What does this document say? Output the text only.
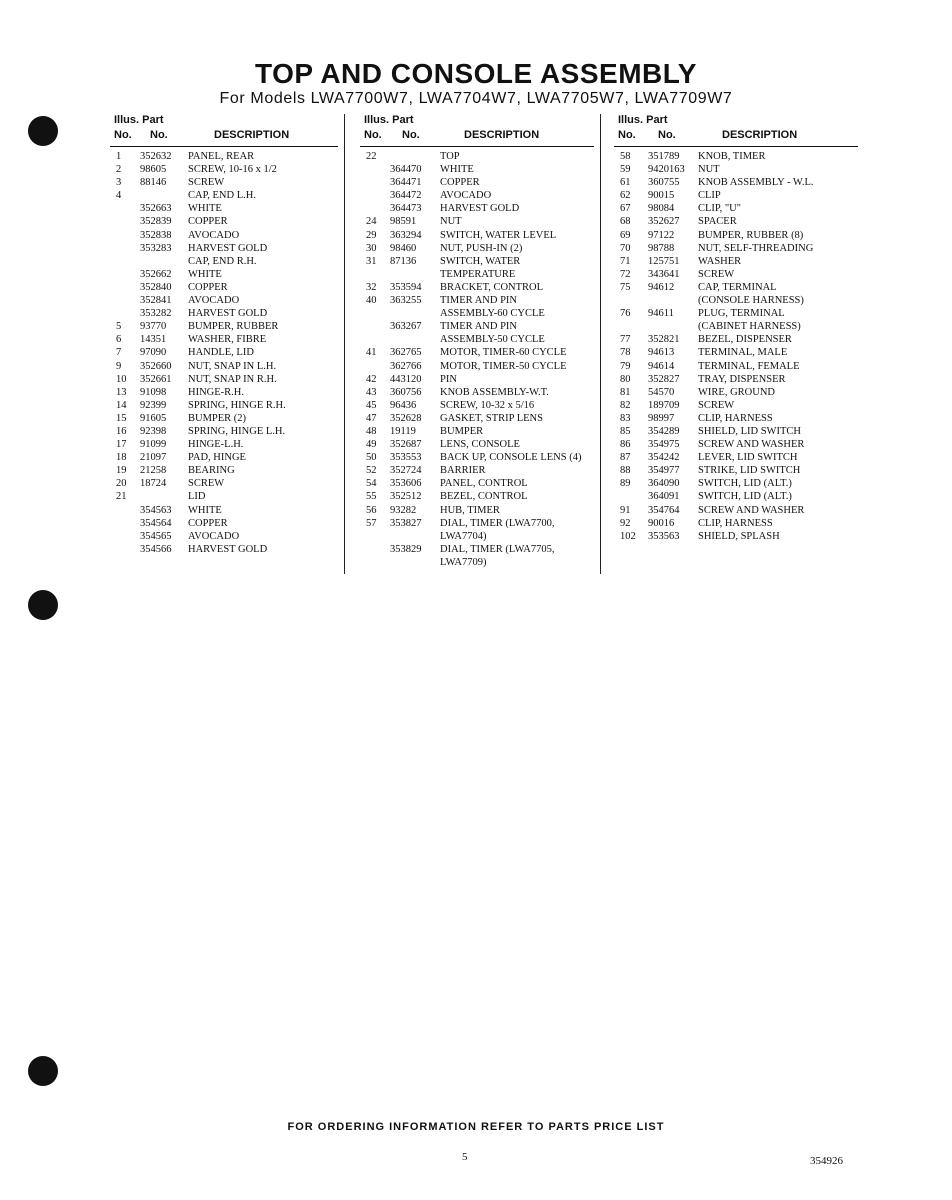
TOP AND CONSOLE ASSEMBLY
For Models LWA7700W7, LWA7704W7, LWA7705W7, LWA7709W7
Illus. Part
No. No.	DESCRIPTION
1 352632 PANEL, REAR
2 98605 SCREW, 10-16 x 1/2
3 88146 SCREW
4	CAP, END L.H.
352663 WHITE
352839 COPPER
352838 AVOCADO
353283 HARVEST GOLD
CAP, END R.H.
352662 WHITE
352840 COPPER
352841 AVOCADO
353282 HARVEST GOLD
5 93770 BUMPER, RUBBER
6 14351 WASHER, FIBRE
7 97090 HANDLE, LID
9 352660 NUT, SNAP IN L.H.
10 352661 NUT, SNAP IN R.H.
13 91098 HINGE-R.H.
14 92399 SPRING, HINGE R.H.
15 91605 BUMPER (2)
16 92398 SPRING, HINGE L.H.
17 91099 HINGE-L.H.
18 21097 PAD, HINGE
19 21258 BEARING
20 18724 SCREW
21	LID
354563 WHITE
354564 COPPER
354565 AVOCADO
354566 HARVEST GOLD
Illus. Part
No. No.	DESCRIPTION
22	TOP
364470 WHITE
364471 COPPER
364472 AVOCADO
364473 HARVEST GOLD
24 98591 NUT
29 363294 SWITCH, WATER LEVEL
30 98460 NUT, PUSH-IN (2)
31 87136 SWITCH, WATER
TEMPERATURE
32 353594 BRACKET, CONTROL
40 363255 TIMER AND PIN
ASSEMBLY-60 CYCLE
363267 TIMER AND PIN
ASSEMBLY-50 CYCLE
41 362765 MOTOR, TIMER-60 CYCLE
362766 MOTOR, TIMER-50 CYCLE
42 443120 PIN
43 360756 KNOB ASSEMBLY-W.T.
45 96436 SCREW, 10-32 x 5/16
47 352628 GASKET, STRIP LENS
48 19119 BUMPER
49 352687 LENS, CONSOLE
50 353553 BACK UP, CONSOLE LENS (4)
52 352724 BARRIER
54 353606 PANEL, CONTROL
55 352512 BEZEL, CONTROL
56 93282 HUB, TIMER
57 353827 DIAL, TIMER (LWA7700,
LWA7704)
353829 DIAL, TIMER (LWA7705,
LWA7709)
Illus. Part
No. No.	DESCRIPTION
58 351789 KNOB, TIMER
59 9420163 NUT
61 360755 KNOB ASSEMBLY - W.L.
62 90015 CLIP
67 98084 CLIP, "U"
68 352627 SPACER
69 97122 BUMPER, RUBBER (8)
70 98788 NUT, SELF-THREADING
71 125751 WASHER
72 343641 SCREW
75 94612 CAP, TERMINAL
(CONSOLE HARNESS)
76 94611 PLUG, TERMINAL
(CABINET HARNESS)
77 352821 BEZEL, DISPENSER
78 94613 TERMINAL, MALE
79 94614 TERMINAL, FEMALE
80 352827 TRAY, DISPENSER
81 54570 WIRE, GROUND
82 189709 SCREW
83 98997 CLIP, HARNESS
85 354289 SHIELD, LID SWITCH
86 354975 SCREW AND WASHER
87 354242 LEVER, LID SWITCH
88 354977 STRIKE, LID SWITCH
89 364090 SWITCH, LID (ALT.)
364091 SWITCH, LID (ALT.)
91 354764 SCREW AND WASHER
92 90016 CLIP, HARNESS
102 353563 SHIELD, SPLASH
FOR ORDERING INFORMATION REFER TO PARTS PRICE LIST
5	354926
